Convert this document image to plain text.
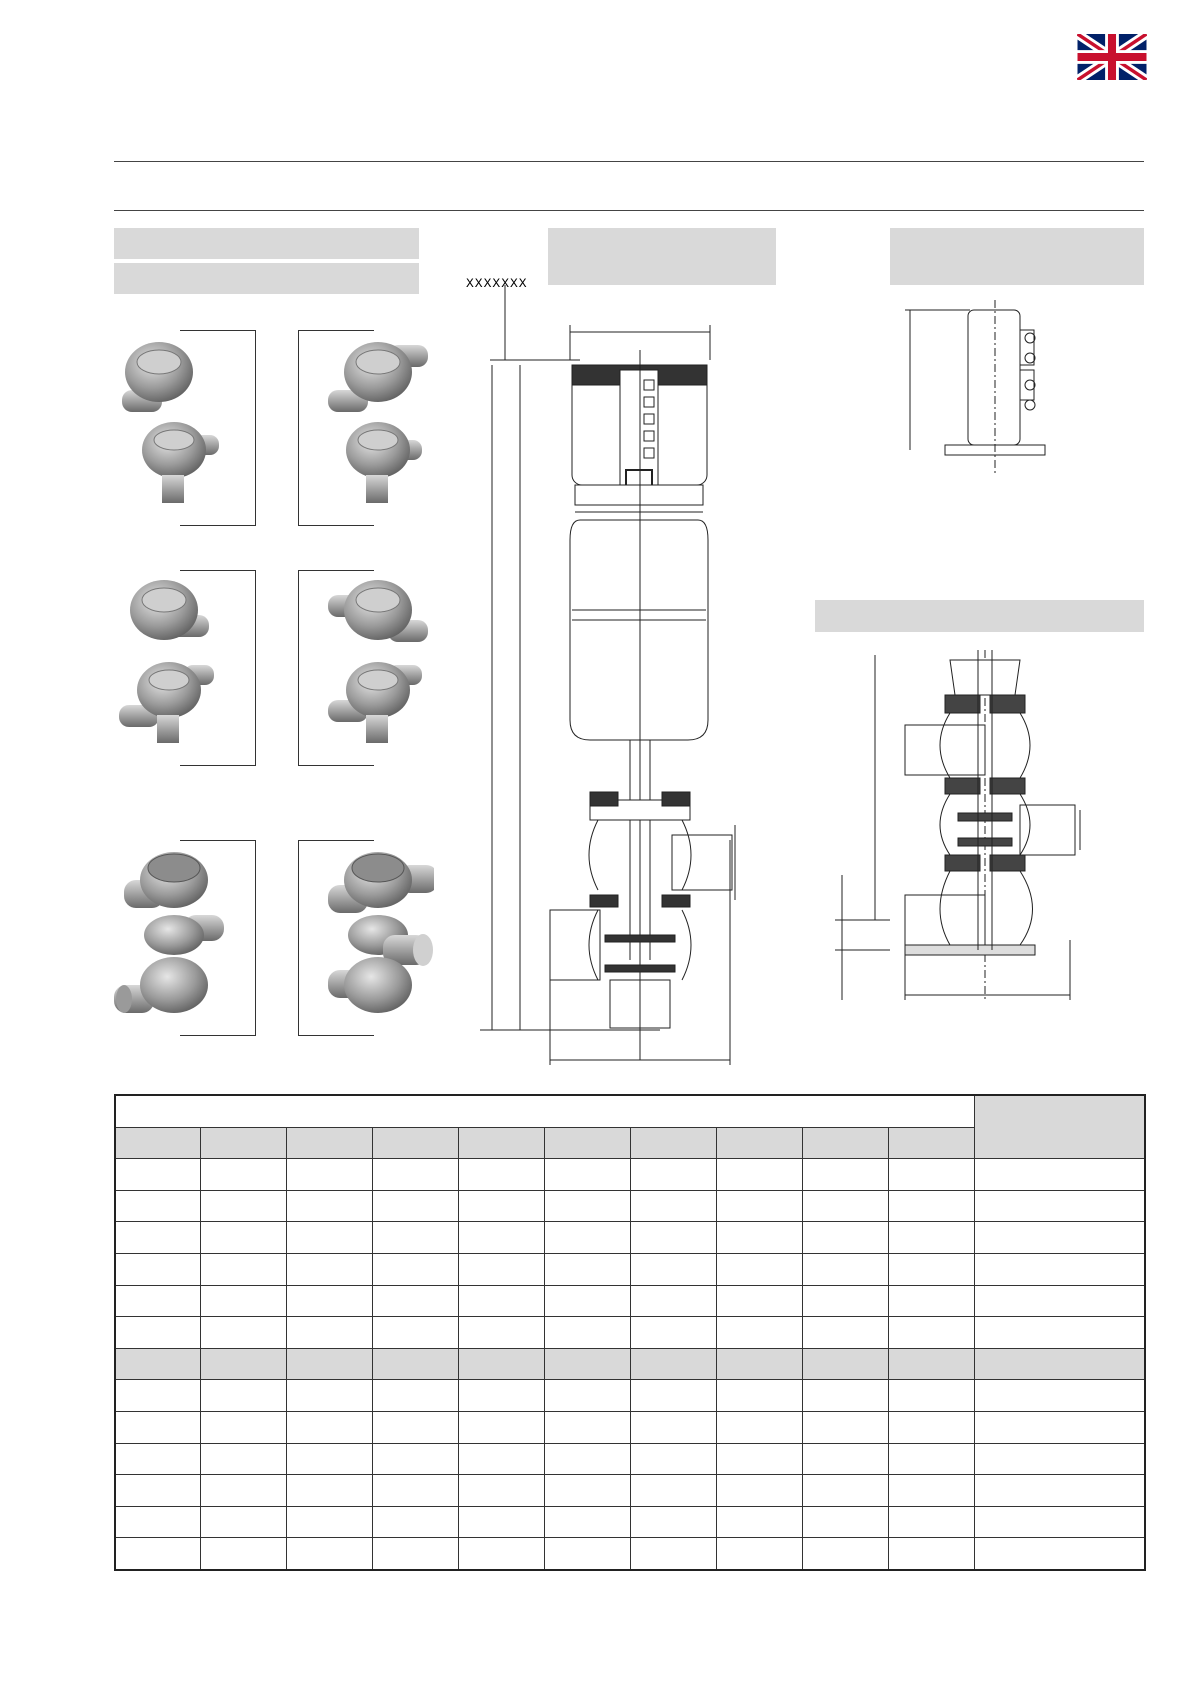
XXXXXXX
